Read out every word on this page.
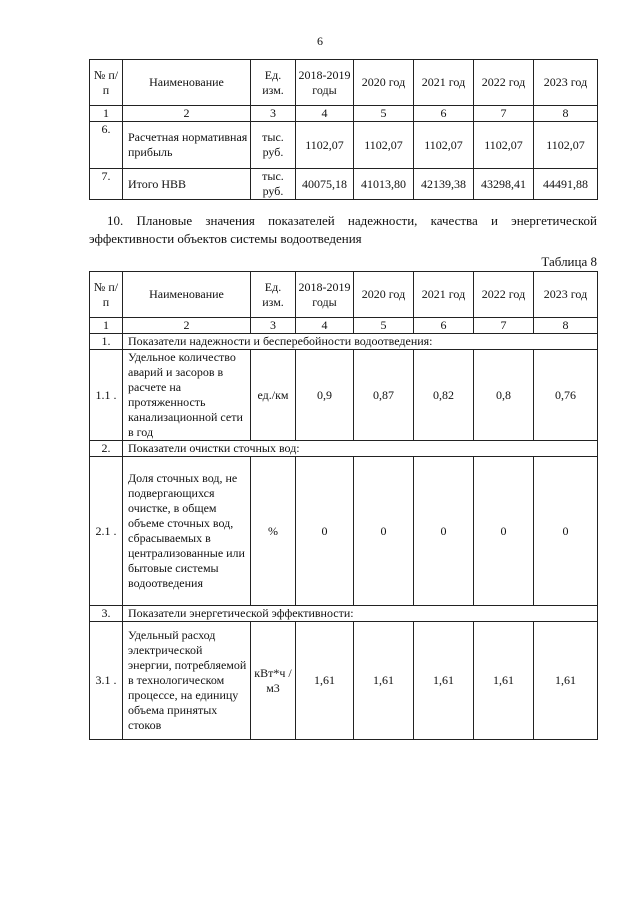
6
№ п/п	Наименование	Ед. изм.	2018-2019 годы	2020 год	2021 год	2022 год	2023 год
1	2	3	4	5	6	7	8
6.	Расчетная нормативная прибыль	тыс. руб.	1102,07	1102,07	1102,07	1102,07	1102,07
7.	Итого НВВ	тыс. руб.	40075,18	41013,80	42139,38	43298,41	44491,88
10. Плановые значения показателей надежности, качества и энергетической эффективности объектов системы водоотведения
Таблица 8
№ п/п	Наименование	Ед. изм.	2018-2019 годы	2020 год	2021 год	2022 год	2023 год
1	2	3	4	5	6	7	8
1.	Показатели надежности и бесперебойности водоотведения:						
1.1 .	Удельное количество аварий и засоров в расчете на протяженность канализационной сети в год	ед./км	0,9	0,87	0,82	0,8	0,76
2.	Показатели очистки сточных вод:						
2.1 .	Доля сточных вод, не подвергающихся очистке, в общем объеме сточных вод, сбрасываемых в централизованные или бытовые системы водоотведения	%	0	0	0	0	0
3.	Показатели энергетической эффективности:						
3.1 .	Удельный расход электрической энергии, потребляемой в технологическом процессе, на единицу объема принятых стоков	кВт*ч /м3	1,61	1,61	1,61	1,61	1,61
